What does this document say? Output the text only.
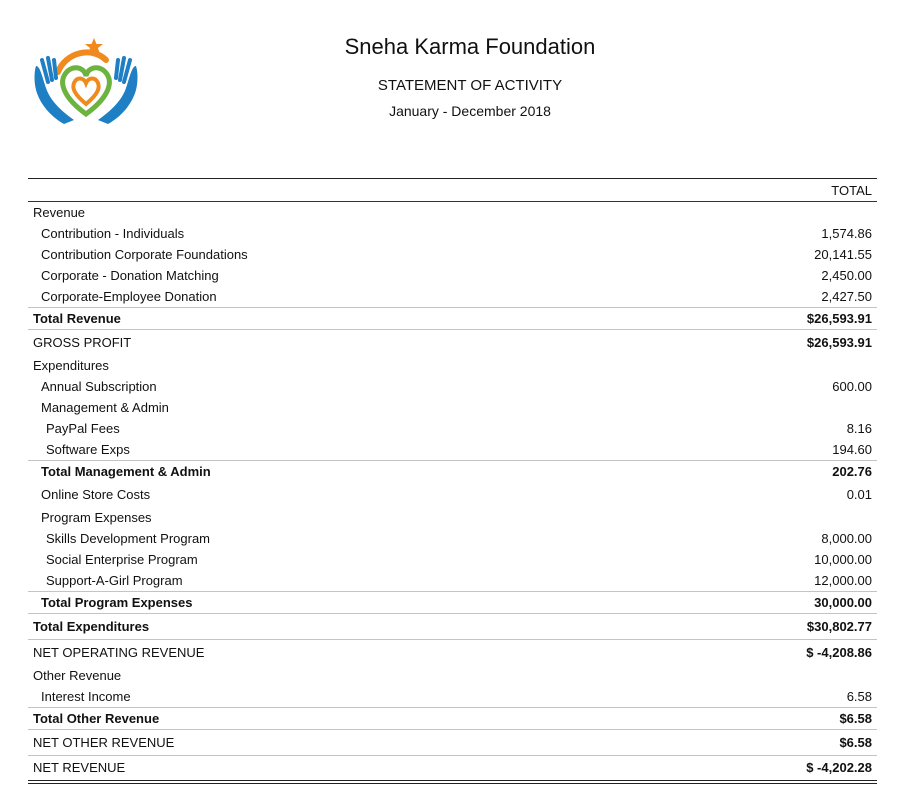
Sneha Karma Foundation
STATEMENT OF ACTIVITY
January - December 2018
TOTAL
Revenue
Contribution - Individuals	1,574.86
Contribution Corporate Foundations	20,141.55
Corporate - Donation Matching	2,450.00
Corporate-Employee Donation	2,427.50
Total Revenue	$26,593.91
GROSS PROFIT	$26,593.91
Expenditures
Annual Subscription	600.00
Management & Admin
PayPal Fees	8.16
Software Exps	194.60
Total Management & Admin	202.76
Online Store Costs	0.01
Program Expenses
Skills Development Program	8,000.00
Social Enterprise Program	10,000.00
Support-A-Girl Program	12,000.00
Total Program Expenses	30,000.00
Total Expenditures	$30,802.77
NET OPERATING REVENUE	$ -4,208.86
Other Revenue
Interest Income	6.58
Total Other Revenue	$6.58
NET OTHER REVENUE	$6.58
NET REVENUE	$ -4,202.28
